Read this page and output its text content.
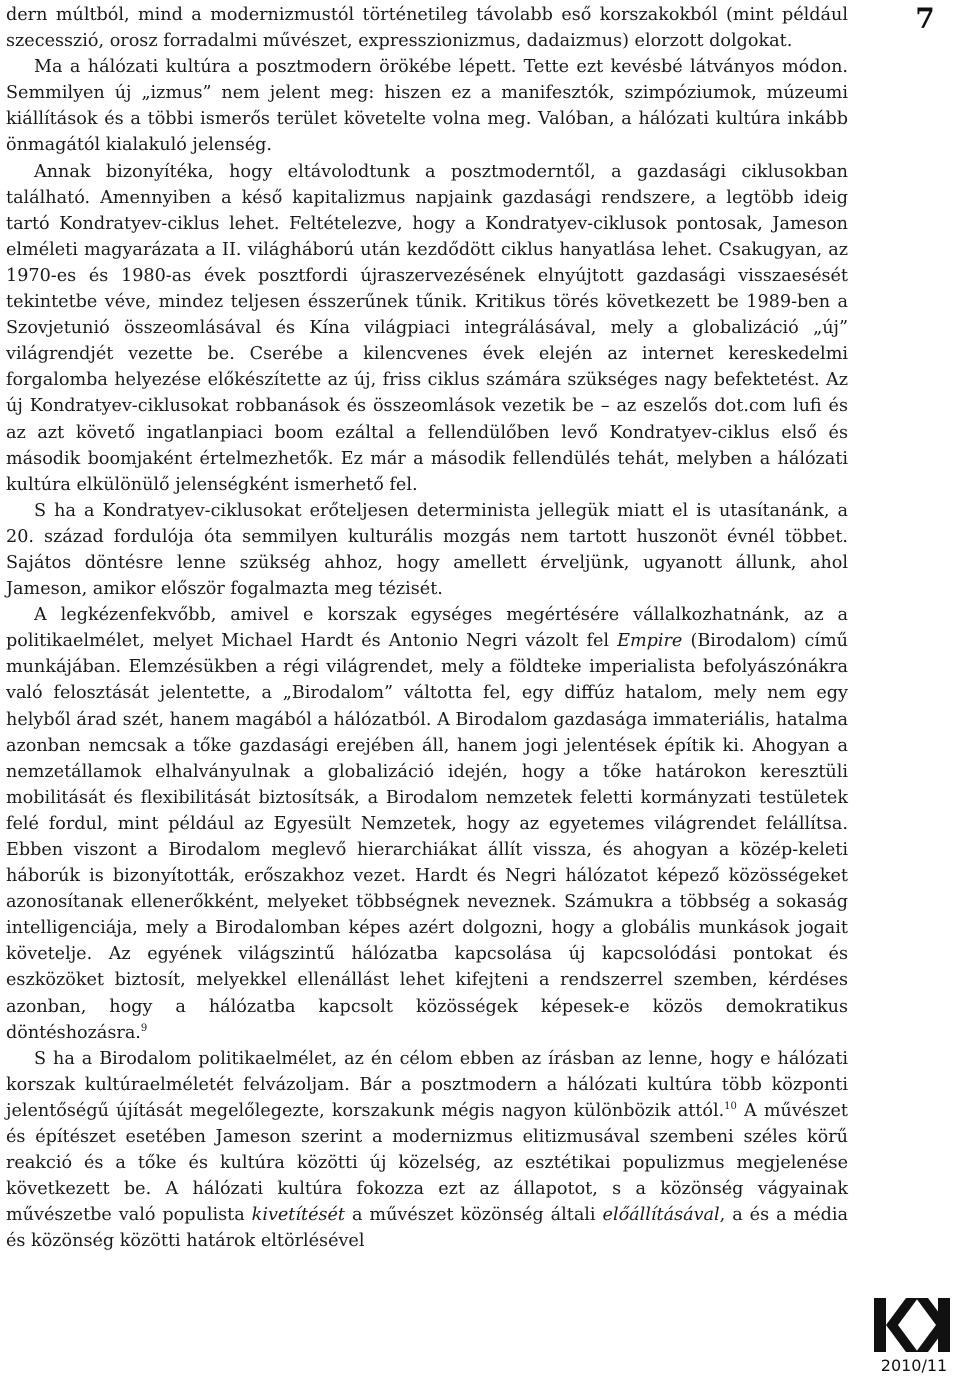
7

dern múltból, mind a modernizmustól történetileg távolabb eső korszakokból (mint például szecesszió, orosz forradalmi művészet, expresszionizmus, dadaizmus) elorzott dolgokat.

Ma a hálózati kultúra a posztmodern örökébe lépett. Tette ezt kevésbé látványos módon. Semmilyen új „izmus” nem jelent meg: hiszen ez a manifesztók, szimpóziumok, múzeumi kiállítások és a többi ismerős terület követelte volna meg. Valóban, a hálózati kultúra inkább önmagától kialakuló jelenség.

Annak bizonyítéka, hogy eltávolodtunk a posztmoderntől, a gazdasági ciklusokban található. Amennyiben a késő kapitalizmus napjaink gazdasági rendszere, a legtöbb ideig tartó Kondratyev-ciklus lehet. Feltételezve, hogy a Kondratyev-ciklusok pontosak, Jameson elméleti magyarázata a II. világháború után kezdődött ciklus hanyatlása lehet. Csakugyan, az 1970-es és 1980-as évek posztfordi újraszervezésének elnyújtott gazdasági visszaesését tekintetbe véve, mindez teljesen ésszerűnek tűnik. Kritikus törés következett be 1989-ben a Szovjetunió összeomlásával és Kína világpiaci integrálásával, mely a globalizáció „új” világrendjét vezette be. Cserébe a kilencvenes évek elején az internet kereskedelmi forgalomba helyezése előkészítette az új, friss ciklus számára szükséges nagy befektetést. Az új Kondratyev-ciklusokat robbanások és összeomlások vezetik be – az eszelős dot.com lufi és az azt követő ingatlanpiaci boom ezáltal a fellendülőben levő Kondratyev-ciklus első és második boomjaként értelmezhetők. Ez már a második fellendülés tehát, melyben a hálózati kultúra elkülönülő jelenségként ismerhető fel.

S ha a Kondratyev-ciklusokat erőteljesen determinista jellegük miatt el is utasítanánk, a 20. század fordulója óta semmilyen kulturális mozgás nem tartott huszonöt évnél többet. Sajátos döntésre lenne szükség ahhoz, hogy amellett érveljünk, ugyanott állunk, ahol Jameson, amikor először fogalmazta meg tézisét.

A legkézenfekvőbb, amivel e korszak egységes megértésére vállalkozhatnánk, az a politikaelmélet, melyet Michael Hardt és Antonio Negri vázolt fel Empire (Birodalom) című munkájában. Elemzésükben a régi világrendet, mely a földteke imperialista befolyászónákra való felosztását jelentette, a „Birodalom” váltotta fel, egy diffúz hatalom, mely nem egy helyből árad szét, hanem magából a hálózatból. A Birodalom gazdasága immateriális, hatalma azonban nemcsak a tőke gazdasági erejében áll, hanem jogi jelentések építik ki. Ahogyan a nemzetállamok elhalványulnak a globalizáció idején, hogy a tőke határokon keresztüli mobilitását és flexibilitását biztosítsák, a Birodalom nemzetek feletti kormányzati testületek felé fordul, mint például az Egyesült Nemzetek, hogy az egyetemes világrendet felállítsa. Ebben viszont a Birodalom meglevő hierarchiákat állít vissza, és ahogyan a közép-keleti háborúk is bizonyították, erőszakhoz vezet. Hardt és Negri hálózatot képező közösségeket azonosítanak ellenerőkként, melyeket többségnek neveznek. Számukra a többség a sokaság intelligenciája, mely a Birodalomban képes azért dolgozni, hogy a globális munkások jogait követelje. Az egyének világszintű hálózatba kapcsolása új kapcsolódási pontokat és eszközöket biztosít, melyekkel ellenállást lehet kifejteni a rendszerrel szemben, kérdéses azonban, hogy a hálózatba kapcsolt közösségek képesek-e közös demokratikus döntéshozásra.$^9$

S ha a Birodalom politikaelmélet, az én célom ebben az írásban az lenne, hogy e hálózati korszak kultúraelméletét felvázoljam. Bár a posztmodern a hálózati kultúra több központi jelentőségű újítását megelőlegezte, korszakunk mégis nagyon különbözik attól.$^{10}$ A művészet és építészet esetében Jameson szerint a modernizmus elitizmusával szembeni széles körű reakció és a tőke és kultúra közötti új közelség, az esztétikai populizmus megjelenése következett be. A hálózati kultúra fokozza ezt az állapotot, s a közönség vágyainak művészetbe való populista kivetítését a művészet közönség általi előállításával, a és a média és közönség közötti határok eltörlésével

2010/11
